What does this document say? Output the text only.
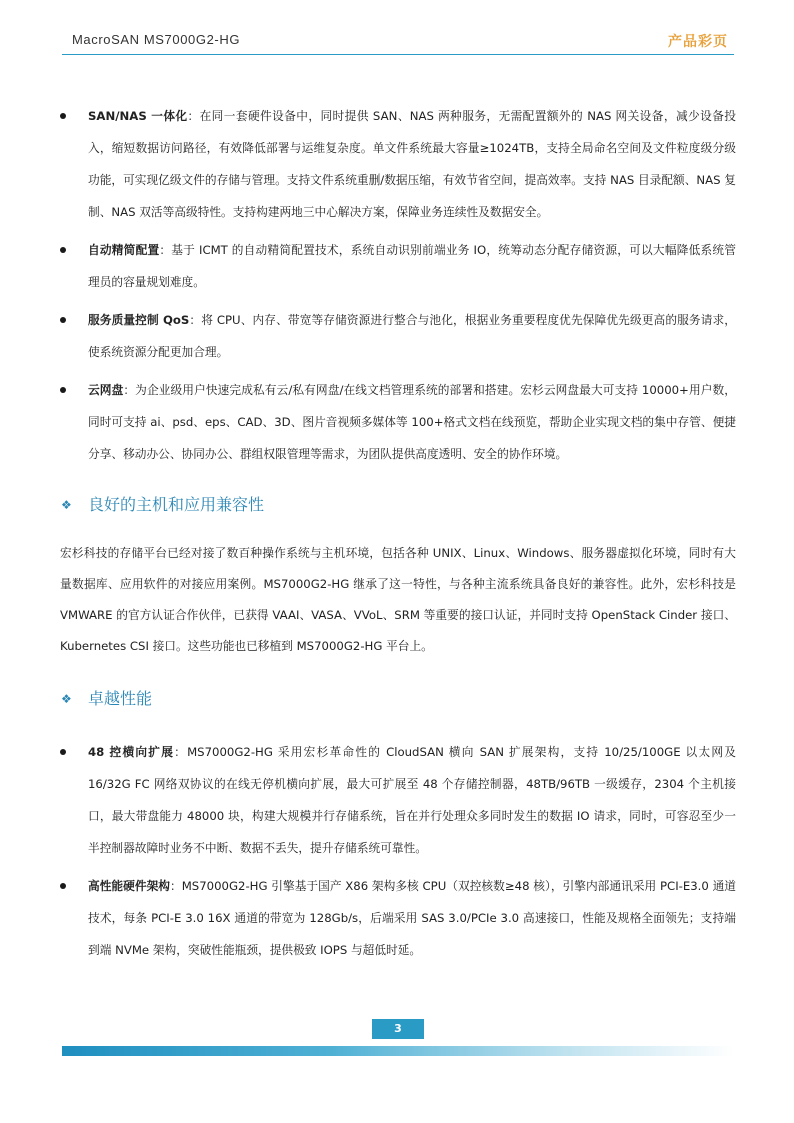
MacroSAN MS7000G2-HG	产品彩页
SAN/NAS 一体化：在同一套硬件设备中，同时提供 SAN、NAS 两种服务，无需配置额外的 NAS 网关设备，减少设备投入，缩短数据访问路径，有效降低部署与运维复杂度。单文件系统最大容量≥1024TB，支持全局命名空间及文件粒度级分级功能，可实现亿级文件的存储与管理。支持文件系统重删/数据压缩，有效节省空间，提高效率。支持 NAS 目录配额、NAS 复制、NAS 双活等高级特性。支持构建两地三中心解决方案，保障业务连续性及数据安全。
自动精简配置：基于 ICMT 的自动精简配置技术，系统自动识别前端业务 IO，统筹动态分配存储资源，可以大幅降低系统管理员的容量规划难度。
服务质量控制 QoS：将 CPU、内存、带宽等存储资源进行整合与池化，根据业务重要程度优先保障优先级更高的服务请求，使系统资源分配更加合理。
云网盘：为企业级用户快速完成私有云/私有网盘/在线文档管理系统的部署和搭建。宏杉云网盘最大可支持 10000+用户数，同时可支持 ai、psd、eps、CAD、3D、图片音视频多媒体等 100+格式文档在线预览，帮助企业实现文档的集中存管、便捷分享、移动办公、协同办公、群组权限管理等需求，为团队提供高度透明、安全的协作环境。
❖ 良好的主机和应用兼容性

宏杉科技的存储平台已经对接了数百种操作系统与主机环境，包括各种 UNIX、Linux、Windows、服务器虚拟化环境，同时有大量数据库、应用软件的对接应用案例。MS7000G2-HG 继承了这一特性，与各种主流系统具备良好的兼容性。此外，宏杉科技是 VMWARE 的官方认证合作伙伴，已获得 VAAI、VASA、VVoL、SRM 等重要的接口认证，并同时支持 OpenStack Cinder 接口、Kubernetes CSI 接口。这些功能也已移植到 MS7000G2-HG 平台上。

❖ 卓越性能
48 控横向扩展：MS7000G2-HG 采用宏杉革命性的 CloudSAN 横向 SAN 扩展架构，支持 10/25/100GE 以太网及 16/32G FC 网络双协议的在线无停机横向扩展，最大可扩展至 48 个存储控制器，48TB/96TB 一级缓存，2304 个主机接口，最大带盘能力 48000 块，构建大规模并行存储系统，旨在并行处理众多同时发生的数据 IO 请求，同时，可容忍至少一半控制器故障时业务不中断、数据不丢失，提升存储系统可靠性。
高性能硬件架构：MS7000G2-HG 引擎基于国产 X86 架构多核 CPU（双控核数≥48 核），引擎内部通讯采用 PCI-E3.0 通道技术，每条 PCI-E 3.0 16X 通道的带宽为 128Gb/s，后端采用 SAS 3.0/PCIe 3.0 高速接口，性能及规格全面领先；支持端到端 NVMe 架构，突破性能瓶颈，提供极致 IOPS 与超低时延。
3
